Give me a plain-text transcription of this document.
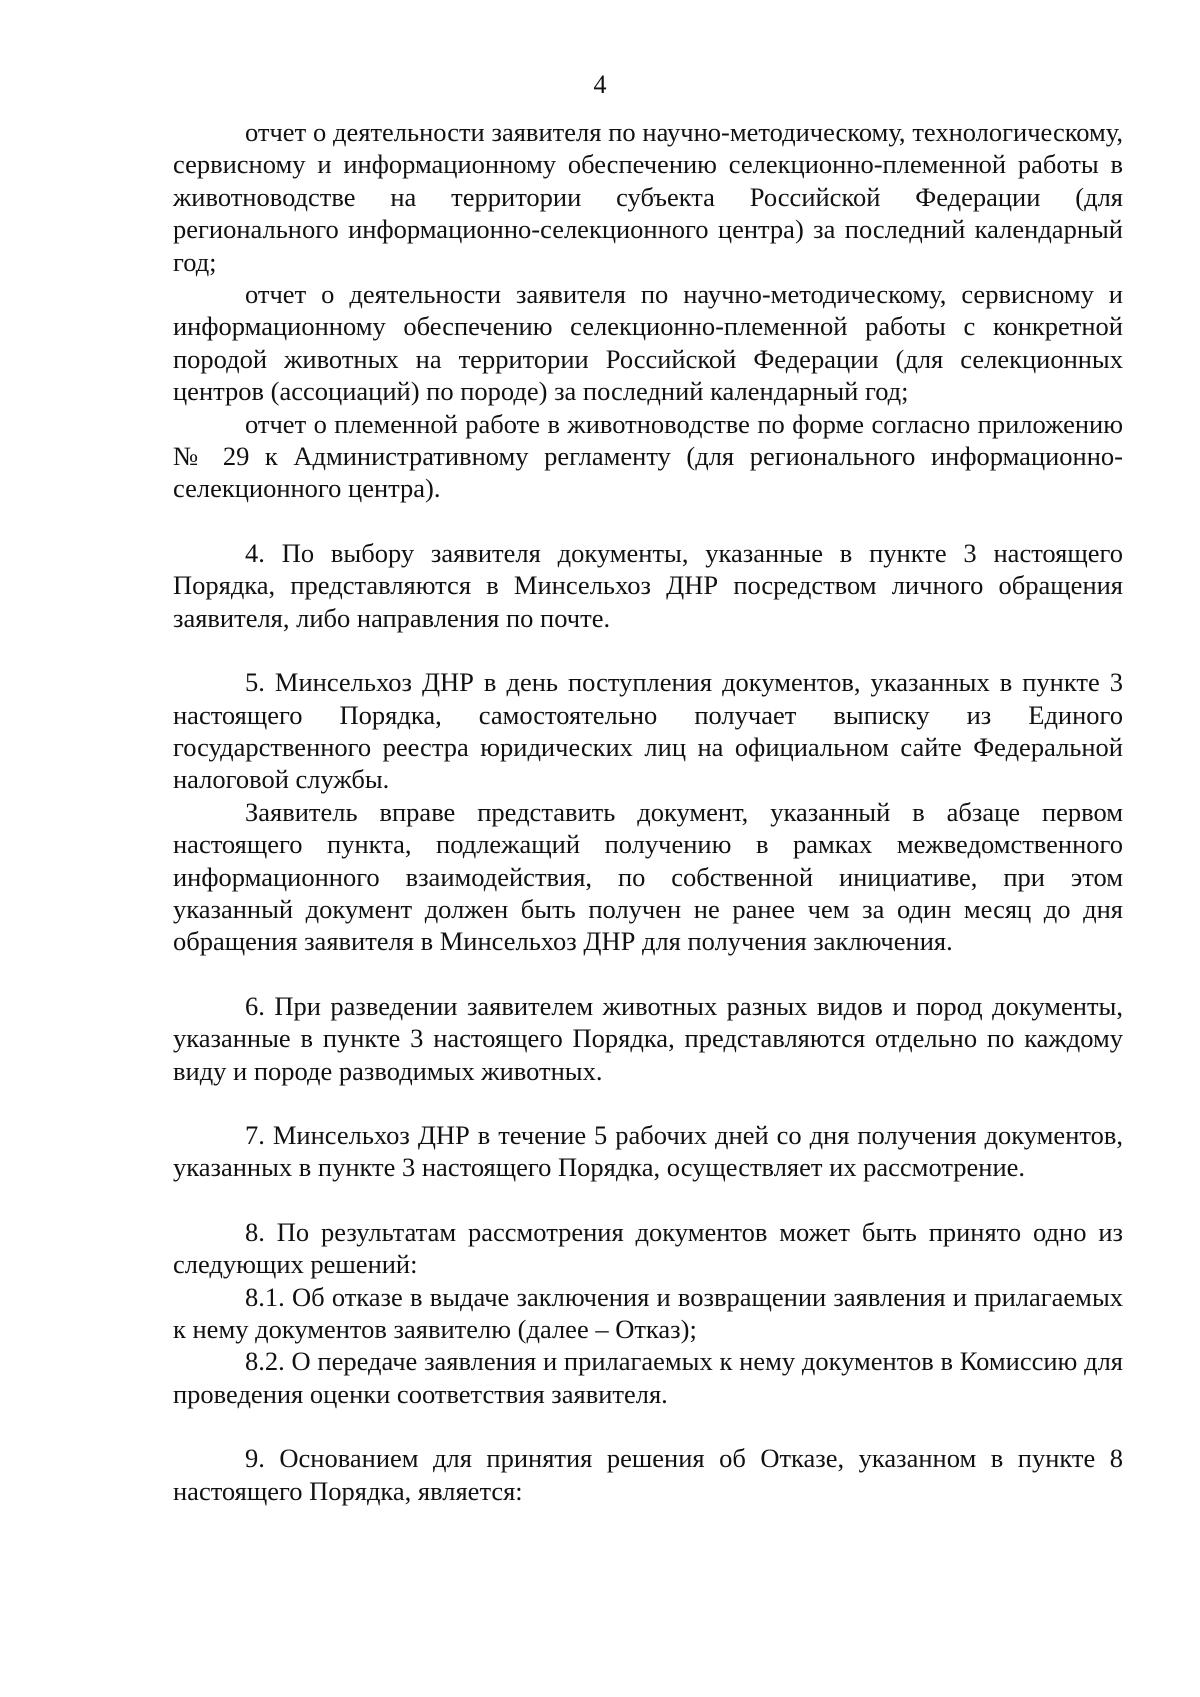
4

отчет о деятельности заявителя по научно-методическому, технологическому, сервисному и информационному обеспечению селекционно-племенной работы в животноводстве на территории субъекта Российской Федерации (для регионального информационно-селекционного центра) за последний календарный год;

отчет о деятельности заявителя по научно-методическому, сервисному и информационному обеспечению селекционно-племенной работы с конкретной породой животных на территории Российской Федерации (для селекционных центров (ассоциаций) по породе) за последний календарный год;

отчет о племенной работе в животноводстве по форме согласно приложению № 29 к Административному регламенту (для регионального информационно- селекционного центра).

4. По выбору заявителя документы, указанные в пункте 3 настоящего Порядка, представляются в Минсельхоз ДНР посредством личного обращения заявителя, либо направления по почте.

5. Минсельхоз ДНР в день поступления документов, указанных в пункте 3 настоящего Порядка, самостоятельно получает выписку из Единого государственного реестра юридических лиц на официальном сайте Федеральной налоговой службы.

Заявитель вправе представить документ, указанный в абзаце первом настоящего пункта, подлежащий получению в рамках межведомственного информационного взаимодействия, по собственной инициативе, при этом указанный документ должен быть получен не ранее чем за один месяц до дня обращения заявителя в Минсельхоз ДНР для получения заключения.

6. При разведении заявителем животных разных видов и пород документы, указанные в пункте 3 настоящего Порядка, представляются отдельно по каждому виду и породе разводимых животных.

7. Минсельхоз ДНР в течение 5 рабочих дней со дня получения документов, указанных в пункте 3 настоящего Порядка, осуществляет их рассмотрение.

8. По результатам рассмотрения документов может быть принято одно из следующих решений:

8.1. Об отказе в выдаче заключения и возвращении заявления и прилагаемых к нему документов заявителю (далее – Отказ);

8.2. О передаче заявления и прилагаемых к нему документов в Комиссию для проведения оценки соответствия заявителя.

9. Основанием для принятия решения об Отказе, указанном в пункте 8 настоящего Порядка, является:
